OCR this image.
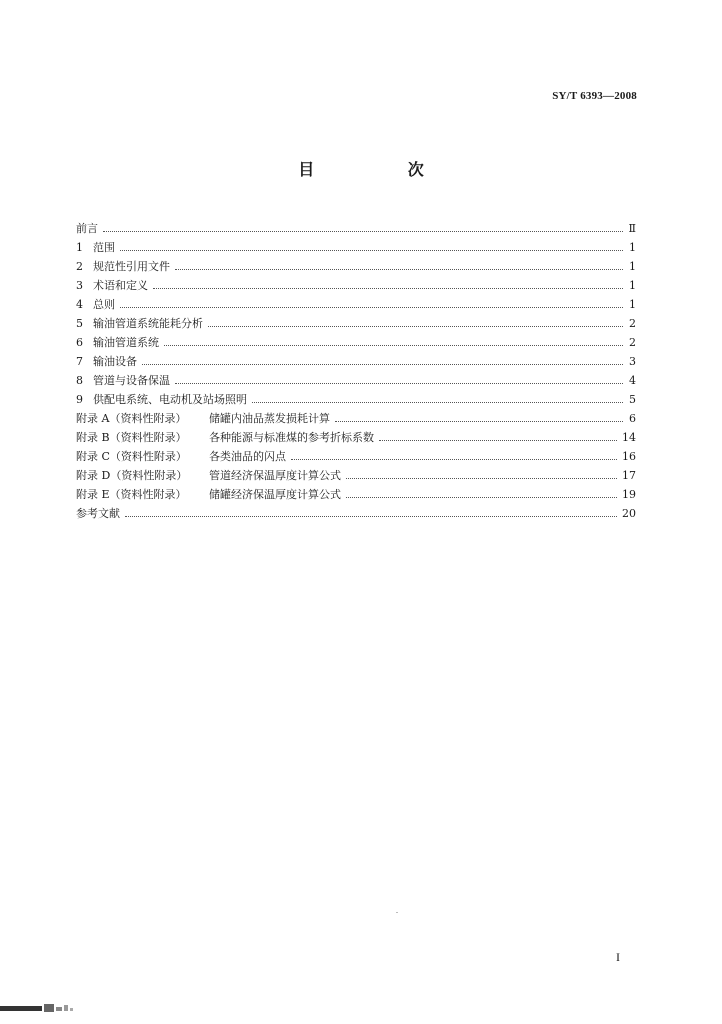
SY/T 6393—2008
目 次
前言	Ⅱ
1 范围	1
2 规范性引用文件	1
3 术语和定义	1
4 总则	1
5 输油管道系统能耗分析	2
6 输油管道系统	2
7 输油设备	3
8 管道与设备保温	4
9 供配电系统、电动机及站场照明	5
附录 A（资料性附录）	储罐内油品蒸发损耗计算	6
附录 B（资料性附录）	各种能源与标准煤的参考折标系数	14
附录 C（资料性附录）	各类油品的闪点	16
附录 D（资料性附录）	管道经济保温厚度计算公式	17
附录 E（资料性附录）	储罐经济保温厚度计算公式	19
参考文献	20
I
